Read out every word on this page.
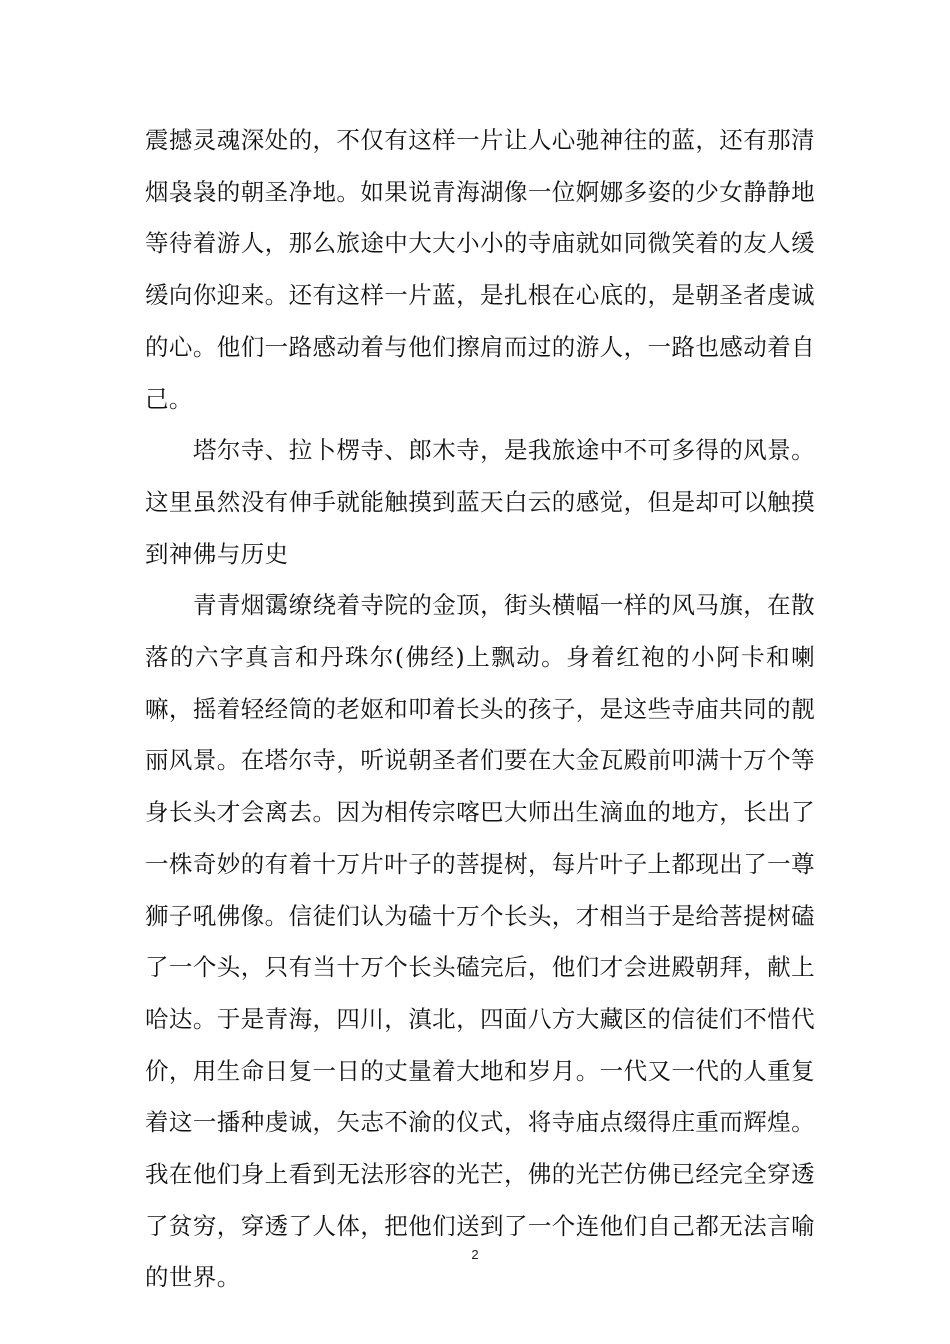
震撼灵魂深处的，不仅有这样一片让人心驰神往的蓝，还有那清烟袅袅的朝圣净地。如果说青海湖像一位婀娜多姿的少女静静地等待着游人，那么旅途中大大小小的寺庙就如同微笑着的友人缓缓向你迎来。还有这样一片蓝，是扎根在心底的，是朝圣者虔诚的心。他们一路感动着与他们擦肩而过的游人，一路也感动着自己。

塔尔寺、拉卜楞寺、郎木寺，是我旅途中不可多得的风景。这里虽然没有伸手就能触摸到蓝天白云的感觉，但是却可以触摸到神佛与历史

青青烟霭缭绕着寺院的金顶，街头横幅一样的风马旗，在散落的六字真言和丹珠尔(佛经)上飘动。身着红袍的小阿卡和喇嘛，摇着轻经筒的老妪和叩着长头的孩子，是这些寺庙共同的靓丽风景。在塔尔寺，听说朝圣者们要在大金瓦殿前叩满十万个等身长头才会离去。因为相传宗喀巴大师出生滴血的地方，长出了一株奇妙的有着十万片叶子的菩提树，每片叶子上都现出了一尊狮子吼佛像。信徒们认为磕十万个长头，才相当于是给菩提树磕了一个头，只有当十万个长头磕完后，他们才会进殿朝拜，献上哈达。于是青海，四川，滇北，四面八方大藏区的信徒们不惜代价，用生命日复一日的丈量着大地和岁月。一代又一代的人重复着这一播种虔诚，矢志不渝的仪式，将寺庙点缀得庄重而辉煌。我在他们身上看到无法形容的光芒，佛的光芒仿佛已经完全穿透了贫穷，穿透了人体，把他们送到了一个连他们自己都无法言喻的世界。

2
